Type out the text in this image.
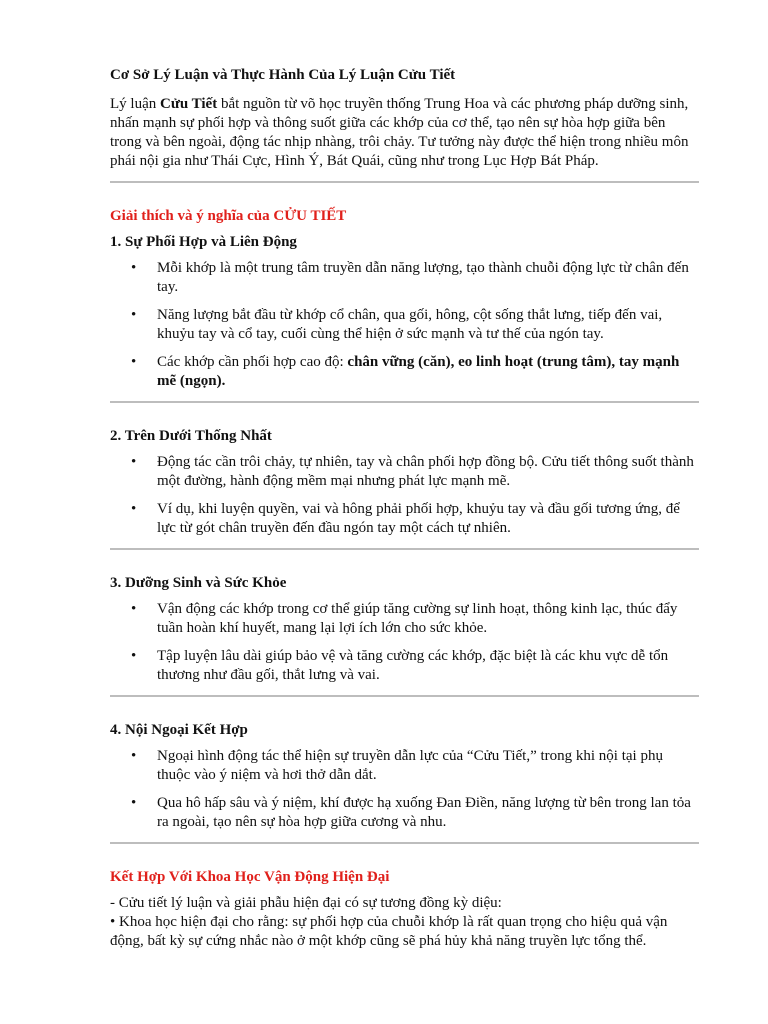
Cơ Sở Lý Luận và Thực Hành Của Lý Luận Cửu Tiết

Lý luận Cửu Tiết bắt nguồn từ võ học truyền thống Trung Hoa và các phương pháp dưỡng sinh, nhấn mạnh sự phối hợp và thông suốt giữa các khớp của cơ thể, tạo nên sự hòa hợp giữa bên trong và bên ngoài, động tác nhịp nhàng, trôi chảy. Tư tưởng này được thể hiện trong nhiều môn phái nội gia như Thái Cực, Hình Ý, Bát Quái, cũng như trong Lục Hợp Bát Pháp.

Giải thích và ý nghĩa của CỬU TIẾT

1. Sự Phối Hợp và Liên Động

• Mỗi khớp là một trung tâm truyền dẫn năng lượng, tạo thành chuỗi động lực từ chân đến tay.
• Năng lượng bắt đầu từ khớp cổ chân, qua gối, hông, cột sống thắt lưng, tiếp đến vai, khuỷu tay và cổ tay, cuối cùng thể hiện ở sức mạnh và tư thế của ngón tay.
• Các khớp cần phối hợp cao độ: chân vững (căn), eo linh hoạt (trung tâm), tay mạnh mẽ (ngọn).

2. Trên Dưới Thống Nhất

• Động tác cần trôi chảy, tự nhiên, tay và chân phối hợp đồng bộ. Cửu tiết thông suốt thành một đường, hành động mềm mại nhưng phát lực mạnh mẽ.
• Ví dụ, khi luyện quyền, vai và hông phải phối hợp, khuỷu tay và đầu gối tương ứng, để lực từ gót chân truyền đến đầu ngón tay một cách tự nhiên.

3. Dưỡng Sinh và Sức Khỏe

• Vận động các khớp trong cơ thể giúp tăng cường sự linh hoạt, thông kinh lạc, thúc đẩy tuần hoàn khí huyết, mang lại lợi ích lớn cho sức khỏe.
• Tập luyện lâu dài giúp bảo vệ và tăng cường các khớp, đặc biệt là các khu vực dễ tổn thương như đầu gối, thắt lưng và vai.

4. Nội Ngoại Kết Hợp

• Ngoại hình động tác thể hiện sự truyền dẫn lực của “Cửu Tiết,” trong khi nội tại phụ thuộc vào ý niệm và hơi thở dẫn dắt.
• Qua hô hấp sâu và ý niệm, khí được hạ xuống Đan Điền, năng lượng từ bên trong lan tỏa ra ngoài, tạo nên sự hòa hợp giữa cương và nhu.

Kết Hợp Với Khoa Học Vận Động Hiện Đại

- Cửu tiết lý luận và giải phẫu hiện đại có sự tương đồng kỳ diệu:

• Khoa học hiện đại cho rằng: sự phối hợp của chuỗi khớp là rất quan trọng cho hiệu quả vận động, bất kỳ sự cứng nhắc nào ở một khớp cũng sẽ phá hủy khả năng truyền lực tổng thể.
